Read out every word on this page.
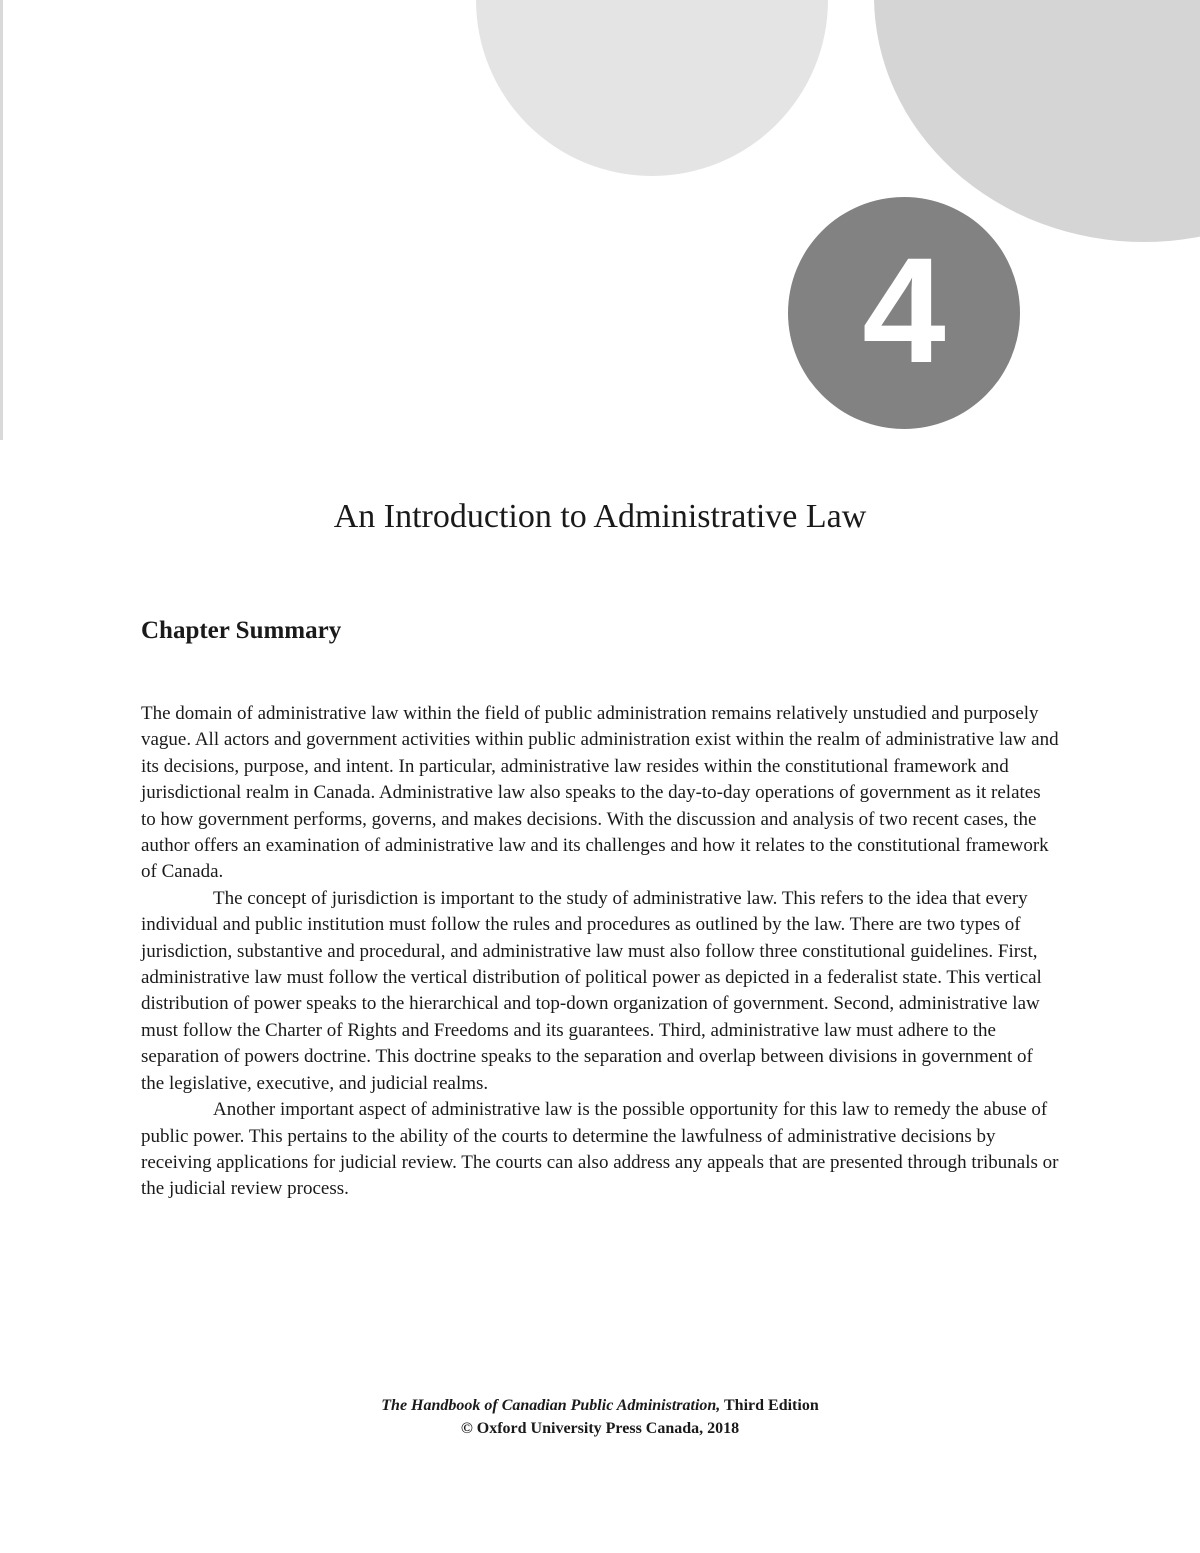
4
An Introduction to Administrative Law
Chapter Summary

The domain of administrative law within the field of public administration remains relatively unstudied and purposely vague. All actors and government activities within public administration exist within the realm of administrative law and its decisions, purpose, and intent. In particular, administrative law resides within the constitutional framework and jurisdictional realm in Canada. Administrative law also speaks to the day-to-day operations of government as it relates to how government performs, governs, and makes decisions. With the discussion and analysis of two recent cases, the author offers an examination of administrative law and its challenges and how it relates to the constitutional framework of Canada.

The concept of jurisdiction is important to the study of administrative law. This refers to the idea that every individual and public institution must follow the rules and procedures as outlined by the law. There are two types of jurisdiction, substantive and procedural, and administrative law must also follow three constitutional guidelines. First, administrative law must follow the vertical distribution of political power as depicted in a federalist state. This vertical distribution of power speaks to the hierarchical and top-down organization of government. Second, administrative law must follow the Charter of Rights and Freedoms and its guarantees. Third, administrative law must adhere to the separation of powers doctrine. This doctrine speaks to the separation and overlap between divisions in government of the legislative, executive, and judicial realms.

Another important aspect of administrative law is the possible opportunity for this law to remedy the abuse of public power. This pertains to the ability of the courts to determine the lawfulness of administrative decisions by receiving applications for judicial review. The courts can also address any appeals that are presented through tribunals or the judicial review process.

The Handbook of Canadian Public Administration, Third Edition
© Oxford University Press Canada, 2018
